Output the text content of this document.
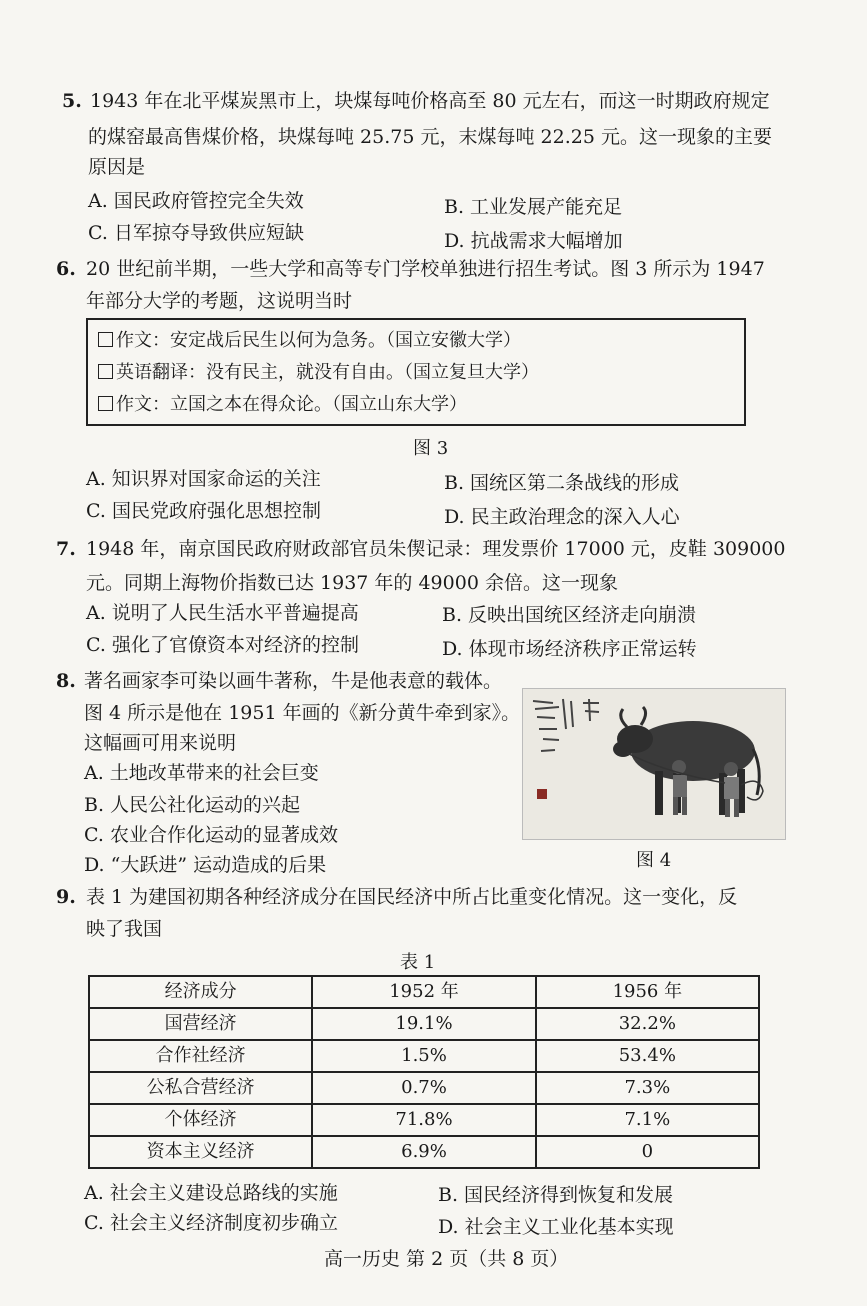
5. 1943 年在北平煤炭黑市上，块煤每吨价格高至 80 元左右，而这一时期政府规定
的煤窑最高售煤价格，块煤每吨 25.75 元，末煤每吨 22.25 元。这一现象的主要
原因是
A. 国民政府管控完全失效	B. 工业发展产能充足
C. 日军掠夺导致供应短缺	D. 抗战需求大幅增加
6. 20 世纪前半期，一些大学和高等专门学校单独进行招生考试。图 3 所示为 1947
年部分大学的考题，这说明当时
作文：安定战后民生以何为急务。（国立安徽大学）
英语翻译：没有民主，就没有自由。（国立复旦大学）
作文：立国之本在得众论。（国立山东大学）
图 3
A. 知识界对国家命运的关注	B. 国统区第二条战线的形成
C. 国民党政府强化思想控制	D. 民主政治理念的深入人心
7. 1948 年，南京国民政府财政部官员朱偰记录：理发票价 17000 元，皮鞋 309000
元。同期上海物价指数已达 1937 年的 49000 余倍。这一现象
A. 说明了人民生活水平普遍提高	B. 反映出国统区经济走向崩溃
C. 强化了官僚资本对经济的控制	D. 体现市场经济秩序正常运转
8. 著名画家李可染以画牛著称，牛是他表意的载体。
图 4 所示是他在 1951 年画的《新分黄牛牵到家》。
这幅画可用来说明
A. 土地改革带来的社会巨变
B. 人民公社化运动的兴起
C. 农业合作化运动的显著成效
D. “大跃进” 运动造成的后果	图 4
9. 表 1 为建国初期各种经济成分在国民经济中所占比重变化情况。这一变化，反
映了我国
表 1
经济成分	1952 年	1956 年
国营经济	19.1%	32.2%
合作社经济	1.5%	53.4%
公私合营经济	0.7%	7.3%
个体经济	71.8%	7.1%
资本主义经济	6.9%	0
A. 社会主义建设总路线的实施	B. 国民经济得到恢复和发展
C. 社会主义经济制度初步确立	D. 社会主义工业化基本实现
高一历史 第 2 页（共 8 页）
